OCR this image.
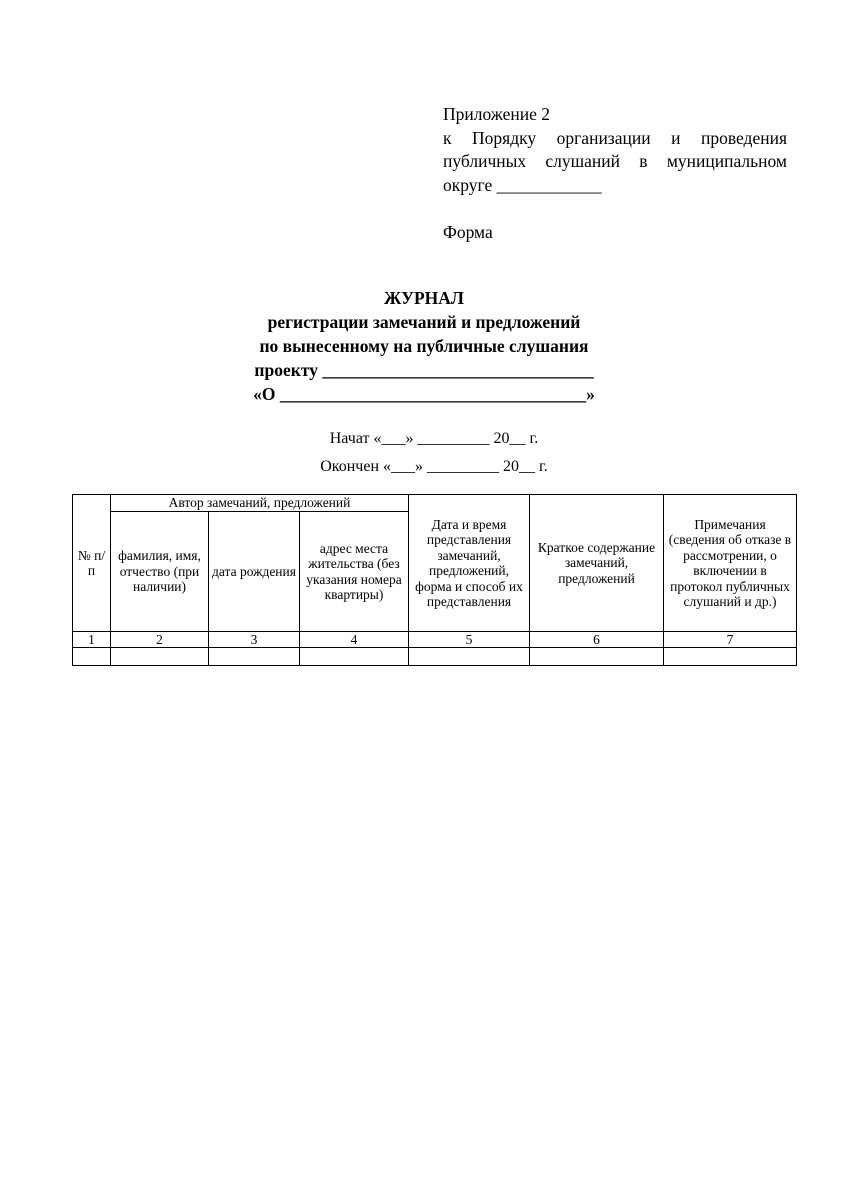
Приложение 2
к Порядку организации и проведения
публичных слушаний в муниципальном
округе ____________
Форма
ЖУРНАЛ
регистрации замечаний и предложений
по вынесенному на публичные слушания
проекту _______________________________
«О ___________________________________»
Начат «___» _________ 20__ г.
Окончен «___» _________ 20__ г.
№ п/п	Автор замечаний, предложений			Дата и время представления замечаний, предложений, форма и способ их представления	Краткое содержание замечаний, предложений	Примечания (сведения об отказе в рассмотрении, о включении в протокол публичных слушаний и др.)
	фамилия, имя, отчество (при наличии)	дата рождения	адрес места жительства (без указания номера квартиры)			
1	2	3	4	5	6	7
